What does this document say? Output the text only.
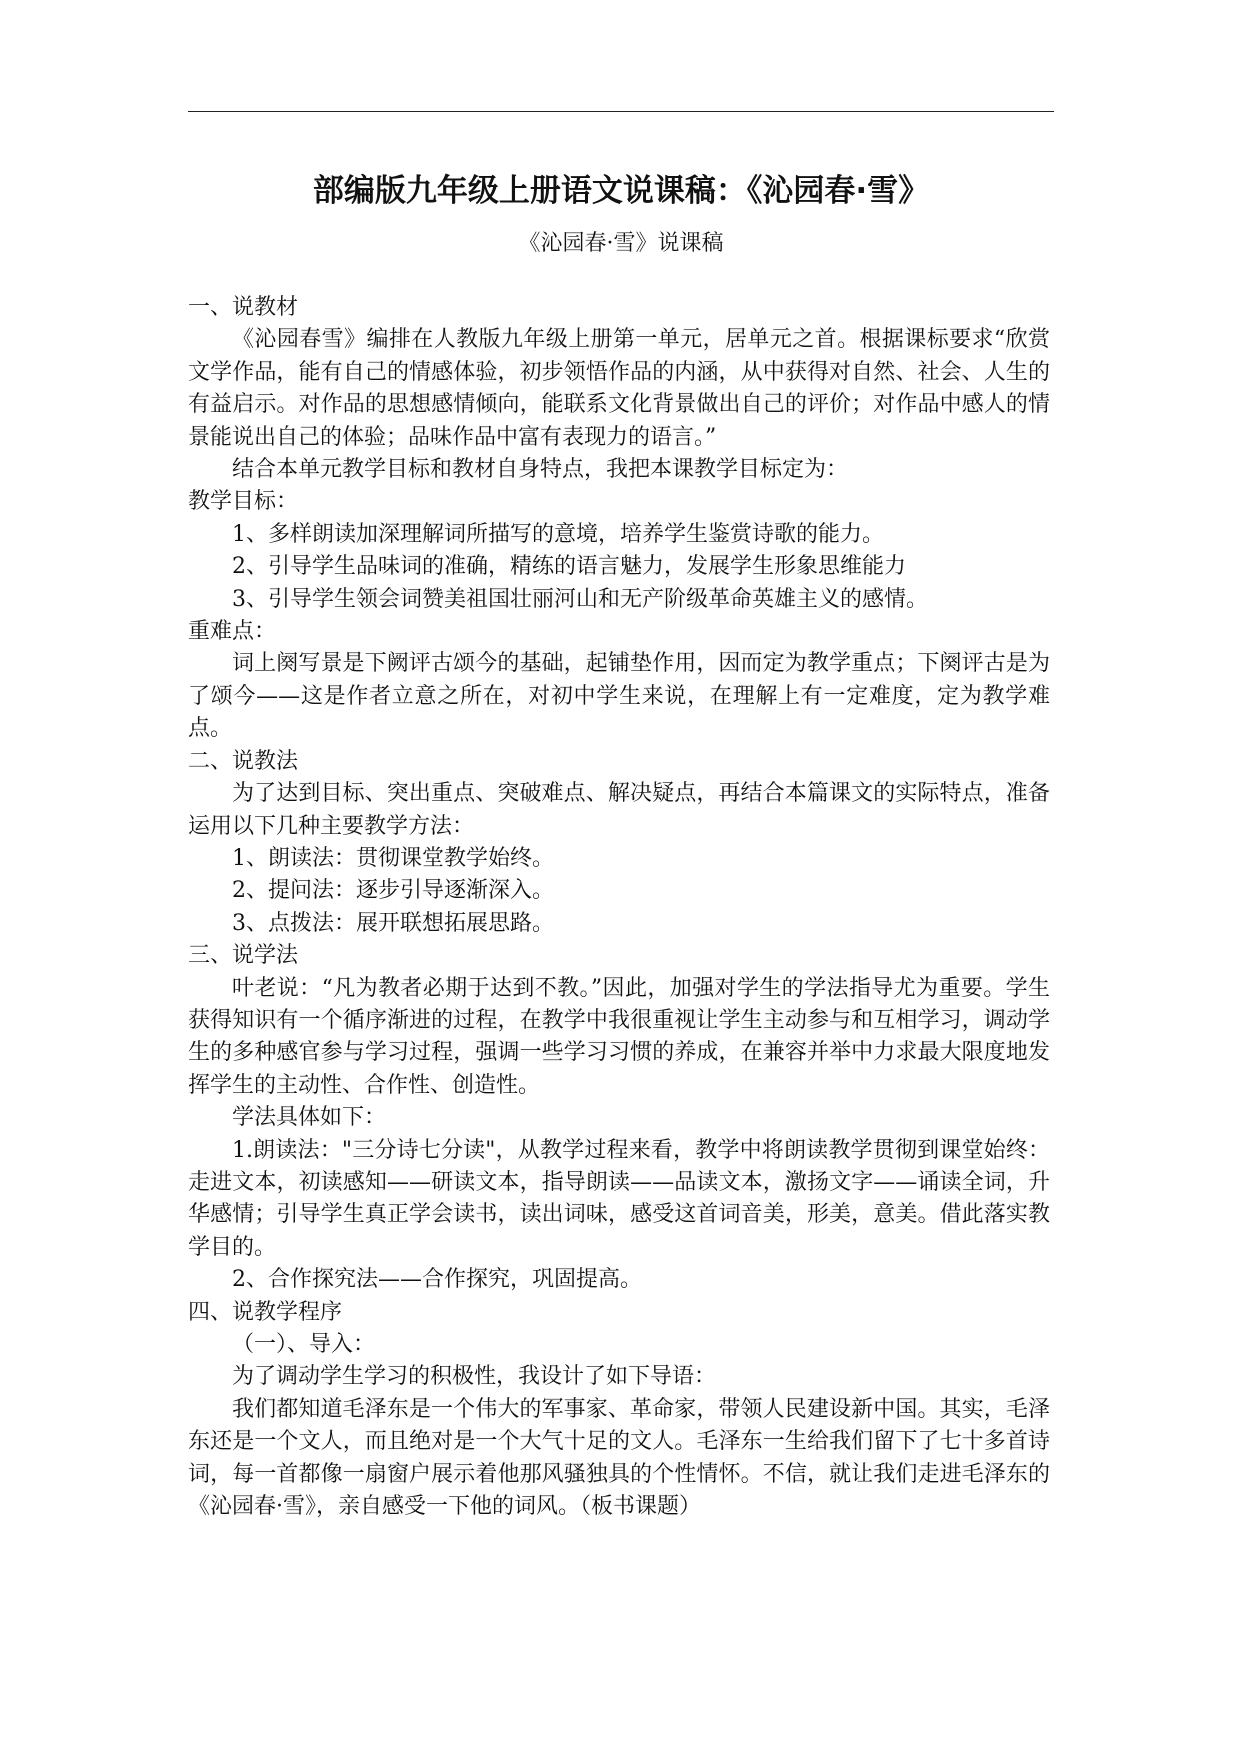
部编版九年级上册语文说课稿：《沁园春·雪》

《沁园春·雪》说课稿

一、说教材

《沁园春雪》编排在人教版九年级上册第一单元，居单元之首。根据课标要求“欣赏文学作品，能有自己的情感体验，初步领悟作品的内涵，从中获得对自然、社会、人生的有益启示。对作品的思想感情倾向，能联系文化背景做出自己的评价；对作品中感人的情景能说出自己的体验；品味作品中富有表现力的语言。”

结合本单元教学目标和教材自身特点，我把本课教学目标定为：

教学目标：

1、多样朗读加深理解词所描写的意境，培养学生鉴赏诗歌的能力。

2、引导学生品味词的准确，精练的语言魅力，发展学生形象思维能力

3、引导学生领会词赞美祖国壮丽河山和无产阶级革命英雄主义的感情。

重难点：

词上阕写景是下阙评古颂今的基础，起铺垫作用，因而定为教学重点；下阕评古是为了颂今——这是作者立意之所在，对初中学生来说，在理解上有一定难度，定为教学难点。

二、说教法

为了达到目标、突出重点、突破难点、解决疑点，再结合本篇课文的实际特点，准备运用以下几种主要教学方法：

1、朗读法：贯彻课堂教学始终。

2、提问法：逐步引导逐渐深入。

3、点拨法：展开联想拓展思路。

三、说学法

叶老说：“凡为教者必期于达到不教。”因此，加强对学生的学法指导尤为重要。学生获得知识有一个循序渐进的过程，在教学中我很重视让学生主动参与和互相学习，调动学生的多种感官参与学习过程，强调一些学习习惯的养成，在兼容并举中力求最大限度地发挥学生的主动性、合作性、创造性。

学法具体如下：

1.朗读法："三分诗七分读"，从教学过程来看，教学中将朗读教学贯彻到课堂始终：走进文本，初读感知——研读文本，指导朗读——品读文本，激扬文字——诵读全词，升华感情；引导学生真正学会读书，读出词味，感受这首词音美，形美，意美。借此落实教学目的。

2、合作探究法——合作探究，巩固提高。

四、说教学程序

（一）、导入：

为了调动学生学习的积极性，我设计了如下导语：

我们都知道毛泽东是一个伟大的军事家、革命家，带领人民建设新中国。其实，毛泽东还是一个文人，而且绝对是一个大气十足的文人。毛泽东一生给我们留下了七十多首诗词，每一首都像一扇窗户展示着他那风骚独具的个性情怀。不信，就让我们走进毛泽东的《沁园春·雪》，亲自感受一下他的词风。（板书课题）
